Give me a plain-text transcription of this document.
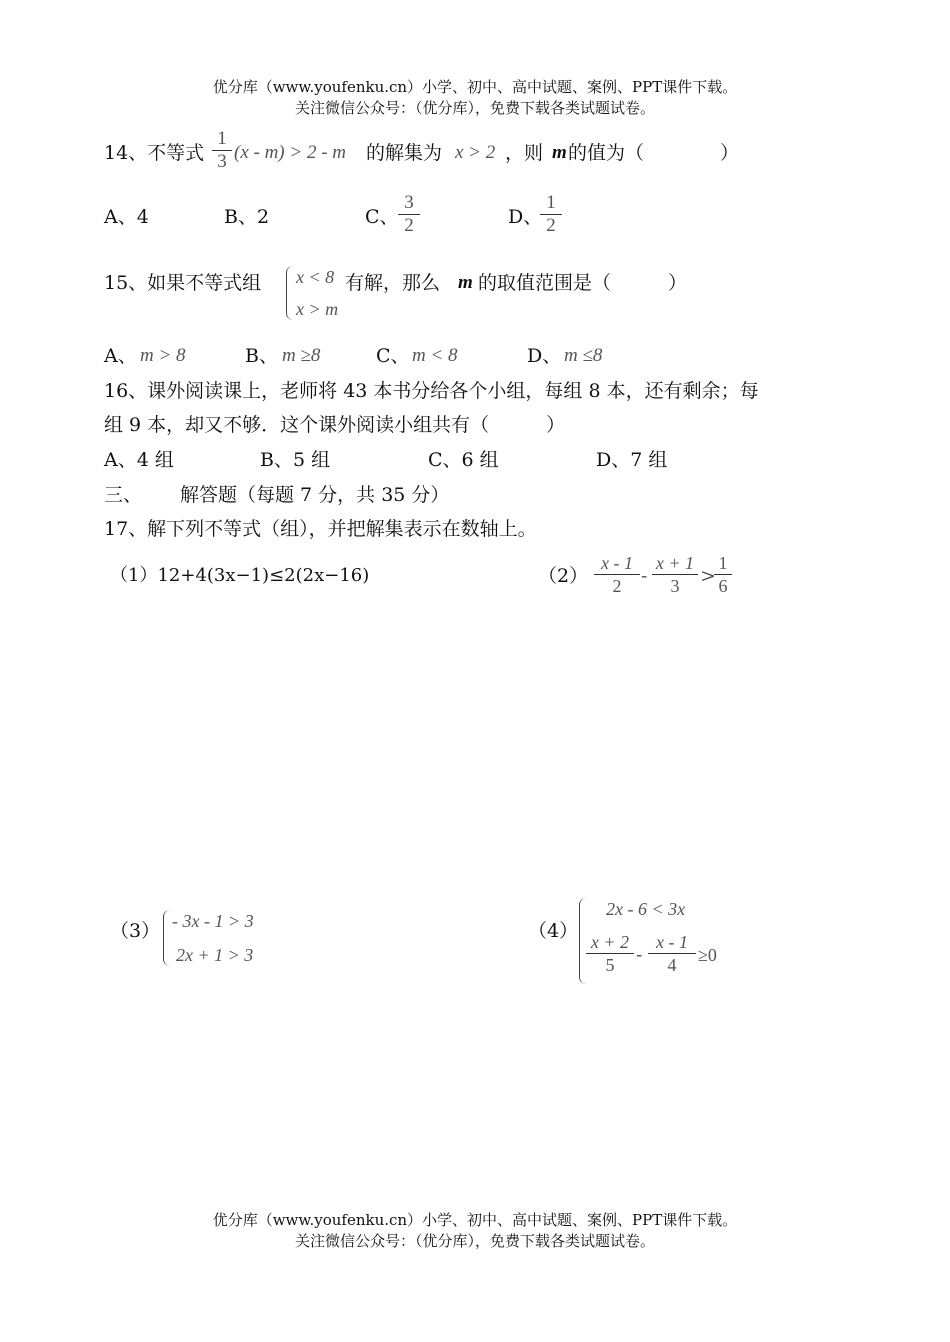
优分库（www.youfenku.cn）小学、初中、高中试题、案例、PPT课件下载。
关注微信公众号：（优分库），免费下载各类试题试卷。
14、不等式 $\frac{1}{3} (x - m) > 2 - m$ 的解集为 x > 2 ，则 m 的值为（　　　　）
A、4	B、2	C、 $\frac{3}{2}$	D、
$\frac{1}{2}$
15、如果不等式组 x < 8
x > m
有解，那么 m 的取值范围是（　　　）
A、 m > 8	B、 m ≥8	C、 m < 8	D、 m ≤8
16、课外阅读课上，老师将 43 本书分给各个小组，每组 8 本，还有剩余；每
组 9 本，却又不够．这个课外阅读小组共有（　　　）
A、4 组	B、5 组	C、6 组	D、7 组
三、 解答题（每题 7 分，共 35 分）
17、解下列不等式（组），并把解集表示在数轴上。
（1）12+4(3x−1)≤2(2x−16)	$(2) \frac{x - 1}{2} - \frac{x + 1}{3}$ >
$\frac{1}{6}$
（3） - 3x - 1 > 3
2x + 1 > 3
（4）
2x - 6 < 3x
$\frac{x + 2}{5} - \frac{x - 1}{4} \ge 0$
优分库（www.youfenku.cn）小学、初中、高中试题、案例、PPT课件下载。
关注微信公众号：（优分库），免费下载各类试题试卷。
